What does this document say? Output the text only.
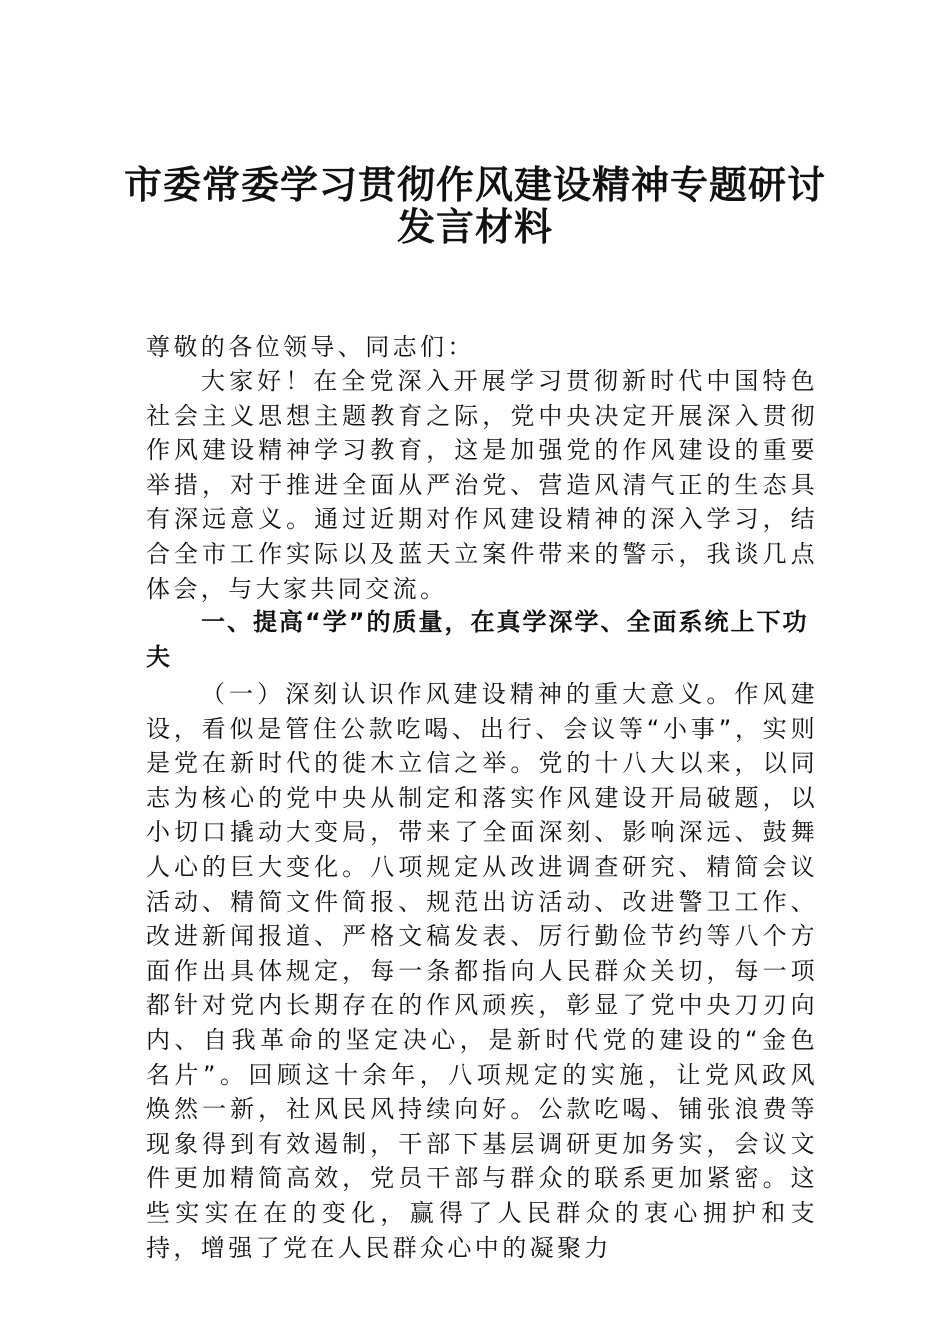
市委常委学习贯彻作风建设精神专题研讨
发言材料

尊敬的各位领导、同志们：

大家好！在全党深入开展学习贯彻新时代中国特色社会主义思想主题教育之际，党中央决定开展深入贯彻作风建设精神学习教育，这是加强党的作风建设的重要举措，对于推进全面从严治党、营造风清气正的生态具有深远意义。通过近期对作风建设精神的深入学习，结合全市工作实际以及蓝天立案件带来的警示，我谈几点体会，与大家共同交流。

一、提高“学”的质量，在真学深学、全面系统上下功夫

（一）深刻认识作风建设精神的重大意义。作风建设，看似是管住公款吃喝、出行、会议等“小事”，实则是党在新时代的徙木立信之举。党的十八大以来，以同志为核心的党中央从制定和落实作风建设开局破题，以小切口撬动大变局，带来了全面深刻、影响深远、鼓舞人心的巨大变化。八项规定从改进调查研究、精简会议活动、精简文件简报、规范出访活动、改进警卫工作、改进新闻报道、严格文稿发表、厉行勤俭节约等八个方面作出具体规定，每一条都指向人民群众关切，每一项都针对党内长期存在的作风顽疾，彰显了党中央刀刃向内、自我革命的坚定决心，是新时代党的建设的“金色名片”。回顾这十余年，八项规定的实施，让党风政风焕然一新，社风民风持续向好。公款吃喝、铺张浪费等现象得到有效遏制，干部下基层调研更加务实，会议文件更加精简高效，党员干部与群众的联系更加紧密。这些实实在在的变化，赢得了人民群众的衷心拥护和支持，增强了党在人民群众心中的凝聚力
